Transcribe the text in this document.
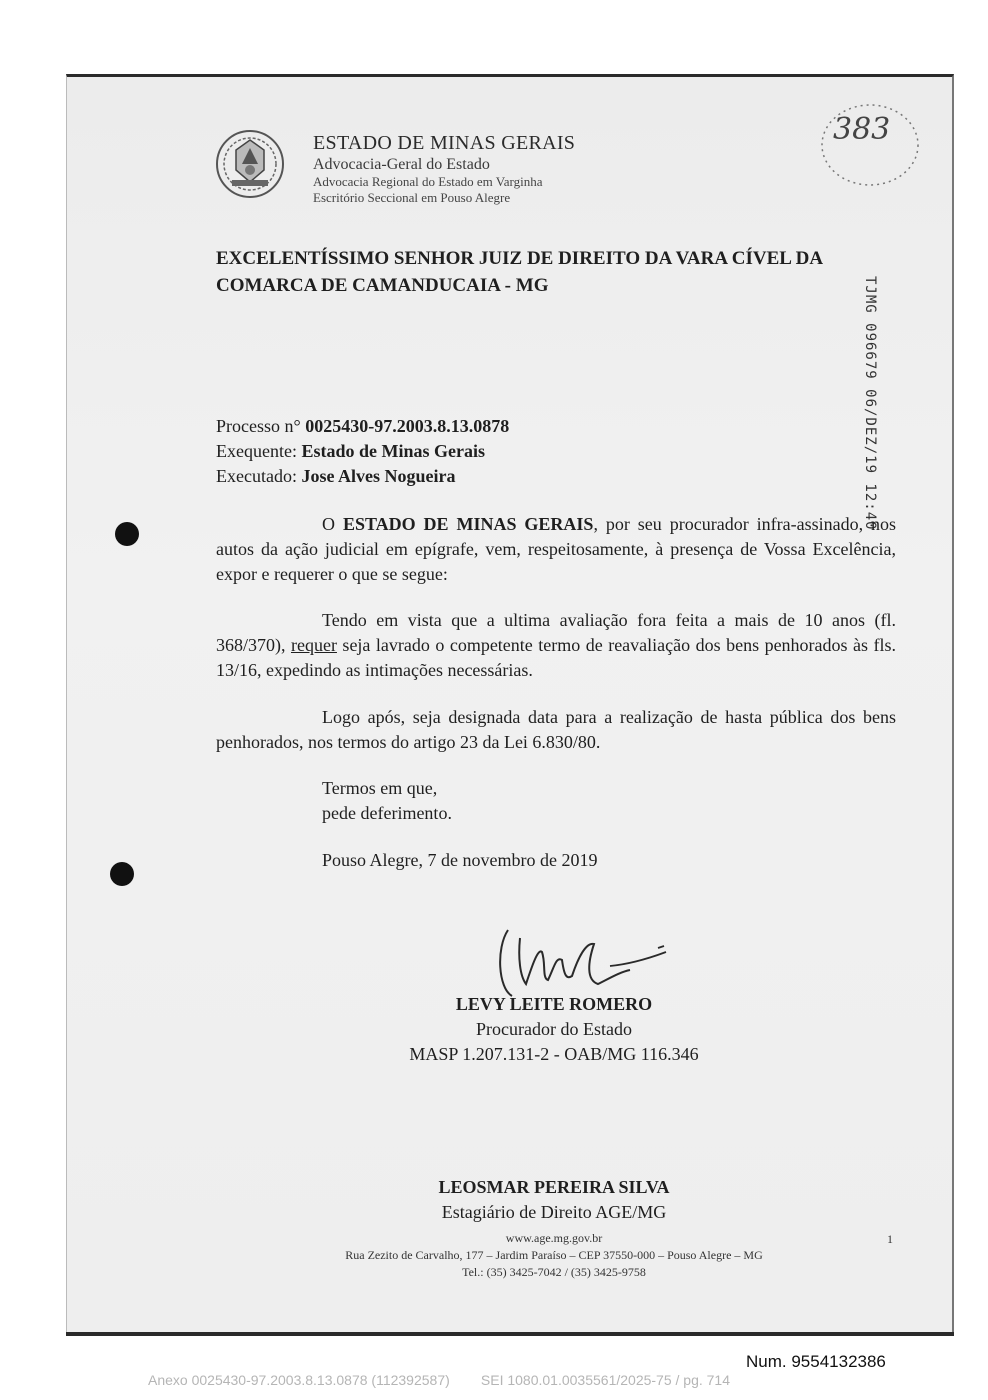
ESTADO DE MINAS GERAIS
Advocacia-Geral do Estado
Advocacia Regional do Estado em Varginha
Escritório Seccional em Pouso Alegre
383
EXCELENTÍSSIMO SENHOR JUIZ DE DIREITO DA VARA CÍVEL DA
COMARCA DE CAMANDUCAIA - MG	TJMG 096679 06/DEZ/19 12:40
Processo n° 0025430-97.2003.8.13.0878
Exequente: Estado de Minas Gerais
Executado: Jose Alves Nogueira
O ESTADO DE MINAS GERAIS, por seu procurador infra-assinado, nos autos da ação judicial em epígrafe, vem, respeitosamente, à presença de Vossa Excelência, expor e requerer o que se segue:
Tendo em vista que a ultima avaliação fora feita a mais de 10 anos (fl. 368/370), requer seja lavrado o competente termo de reavaliação dos bens penhorados às fls. 13/16, expedindo as intimações necessárias.
Logo após, seja designada data para a realização de hasta pública dos bens penhorados, nos termos do artigo 23 da Lei 6.830/80.
Termos em que,
pede deferimento.
Pouso Alegre, 7 de novembro de 2019
LEVY LEITE ROMERO
Procurador do Estado
MASP 1.207.131-2 - OAB/MG 116.346
LEOSMAR PEREIRA SILVA
Estagiário de Direito AGE/MG
www.age.mg.gov.br
Rua Zezito de Carvalho, 177 – Jardim Paraíso – CEP 37550-000 – Pouso Alegre – MG
Tel.: (35) 3425-7042 / (35) 3425-9758
1
Num. 9554132386
Anexo 0025430-97.2003.8.13.0878 (112392587)        SEI 1080.01.0035561/2025-75 / pg. 714
